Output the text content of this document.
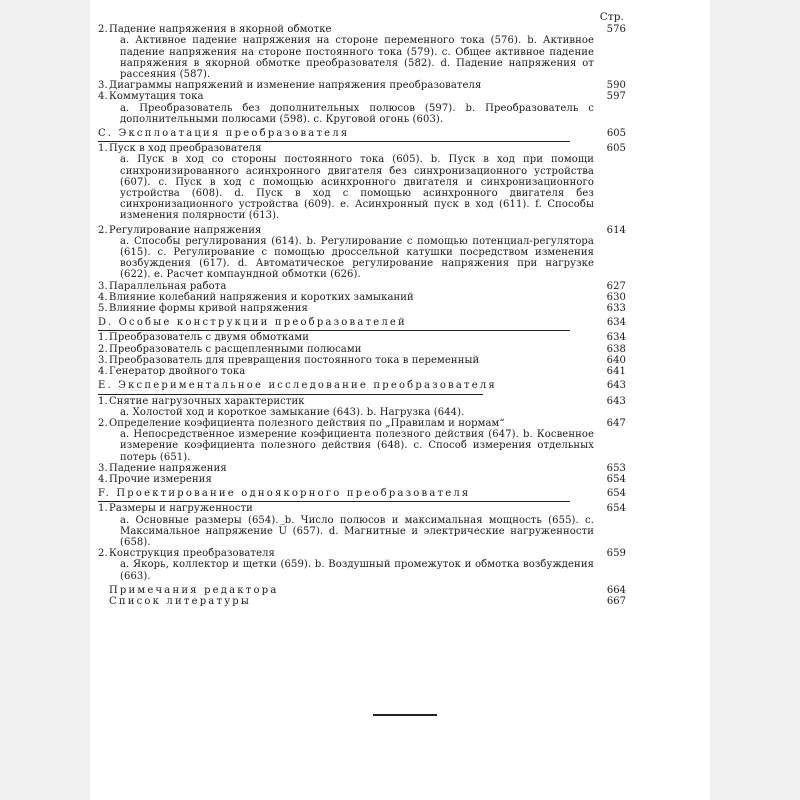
Стр.
2. Падение напряжения в якорной обмотке	576
a. Активное падение напряжения на стороне переменного тока (576). b. Активное падение напряжения на стороне постоянного тока (579). c. Общее активное падение напряжения в якорной обмотке преобразователя (582). d. Падение напряжения от рассеяния (587).
3. Диаграммы напряжений и изменение напряжения преобразователя	590
4. Коммутация тока	597
a. Преобразователь без дополнительных полюсов (597). b. Преобразователь с дополнительными полюсами (598). c. Круговой огонь (603).
С. Эксплоатация преобразователя	605
1. Пуск в ход преобразователя	605
a. Пуск в ход со стороны постоянного тока (605). b. Пуск в ход при помощи синхронизированного асинхронного двигателя без синхронизационного устройства (607). c. Пуск в ход с помощью асинхронного двигателя и синхронизационного устройства (608). d. Пуск в ход с помощью асинхронного двигателя без синхронизационного устройства (609). e. Асинхронный пуск в ход (611). f. Способы изменения полярности (613).
2. Регулирование напряжения	614
a. Способы регулирования (614). b. Регулирование с помощью потенциал-регулятора (615). c. Регулирование с помощью дроссельной катушки посредством изменения возбуждения (617). d. Автоматическое регулирование напряжения при нагрузке (622). e. Расчет компаундной обмотки (626).
3. Параллельная работа	627
4. Влияние колебаний напряжения и коротких замыканий	630
5. Влияние формы кривой напряжения	633
D. Особые конструкции преобразователей	634
1. Преобразователь с двумя обмотками	634
2. Преобразователь с расщепленными полюсами	638
3. Преобразователь для превращения постоянного тока в переменный	640
4. Генератор двойного тока	641
Е. Экспериментальное исследование преобразователя	643
1. Снятие нагрузочных характеристик	643
a. Холостой ход и короткое замыкание (643). b. Нагрузка (644).
2. Определение коэфициента полезного действия по „Правилам и нормам“	647
a. Непосредственное измерение коэфициента полезного действия (647). b. Косвенное измерение коэфициента полезного действия (648). c. Способ измерения отдельных потерь (651).
3. Падение напряжения	653
4. Прочие измерения	654
F. Проектирование одноякорного преобразователя	654
1. Размеры и нагруженности	654
a. Основные размеры (654). b. Число полюсов и максимальная мощность (655). c. Максимальное напряжение U̅ (657). d. Магнитные и электрические нагруженности (658).
2. Конструкция преобразователя	659
a. Якорь, коллектор и щетки (659). b. Воздушный промежуток и обмотка возбуждения (663).
Примечания редактора	664
Список литературы	667
